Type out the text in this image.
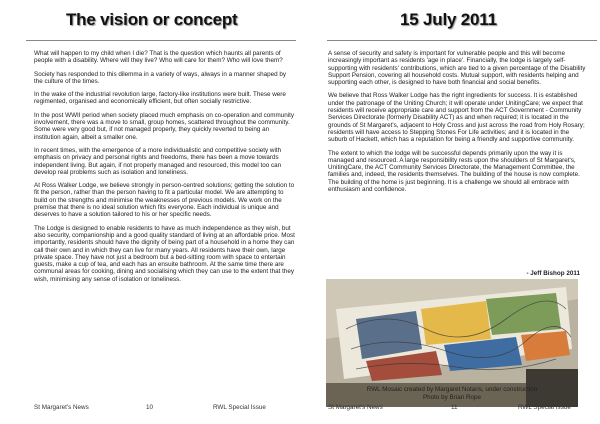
The vision or concept

What will happen to my child when I die? That is the question which haunts all parents of people with a disability. Where will they live? Who will care for them? Who will love them?

Society has responded to this dilemma in a variety of ways, always in a manner shaped by the culture of the times.

In the wake of the industrial revolution large, factory-like institutions were built. These were regimented, organised and economically efficient, but often socially restrictive.

In the post WWII period when society placed much emphasis on co-operation and community involvement, there was a move to small, group homes, scattered throughout the community. Some were very good but, if not managed properly, they quickly reverted to being an institution again, albeit a smaller one.

In recent times, with the emergence of a more individualistic and competitive society with emphasis on privacy and personal rights and freedoms, there has been a move towards independent living. But again, if not properly managed and resourced, this model too can develop real problems such as isolation and loneliness.

At Ross Walker Lodge, we believe strongly in person-centred solutions; getting the solution to fit the person, rather than the person having to fit a particular model. We are attempting to build on the strengths and minimise the weaknesses of previous models. We work on the premise that there is no ideal solution which fits everyone. Each individual is unique and deserves to have a solution tailored to his or her specific needs.

The Lodge is designed to enable residents to have as much independence as they wish, but also security, companionship and a good quality standard of living at an affordable price. Most importantly, residents should have the dignity of being part of a household in a home they can call their own and in which they can live for many years. All residents have their own, large private space. They have not just a bedroom but a bed-sitting room with space to entertain guests, make a cup of tea, and each has an ensuite bathroom. At the same time there are communal areas for cooking, dining and socialising which they can use to the extent that they wish, minimising any sense of isolation or loneliness.

St Margaret's News	10	RWL Special Issue
15 July 2011

A sense of security and safety is important for vulnerable people and this will become increasingly important as residents 'age in place'. Financially, the lodge is largely self-supporting with residents' contributions, which are tied to a given percentage of the Disability Support Pension, covering all household costs. Mutual support, with residents helping and supporting each other, is designed to have both financial and social benefits.

We believe that Ross Walker Lodge has the right ingredients for success. It is established under the patronage of the Uniting Church; it will operate under UnitingCare; we expect that residents will receive appropriate care and support from the ACT Government - Community Services Directorate (formerly Disability ACT) as and when required; it is located in the grounds of St Margaret's, adjacent to Holy Cross and just across the road from Holy Rosary; residents will have access to Stepping Stones For Life activities; and it is located in the suburb of Hackett, which has a reputation for being a friendly and supportive community.

The extent to which the lodge will be successful depends primarily upon the way it is managed and resourced. A large responsibility rests upon the shoulders of St Margaret's, UnitingCare, the ACT Community Services Directorate, the Management Committee, the families and, indeed, the residents themselves. The building of the house is now complete. The building of the home is just beginning. It is a challenge we should all embrace with enthusiasm and confidence.

- Jeff Bishop 2011
RWL Mosaic created by Margaret Notaris, under construction
Photo by Brian Rope
St Margaret's News	11	RWL Special Issue
